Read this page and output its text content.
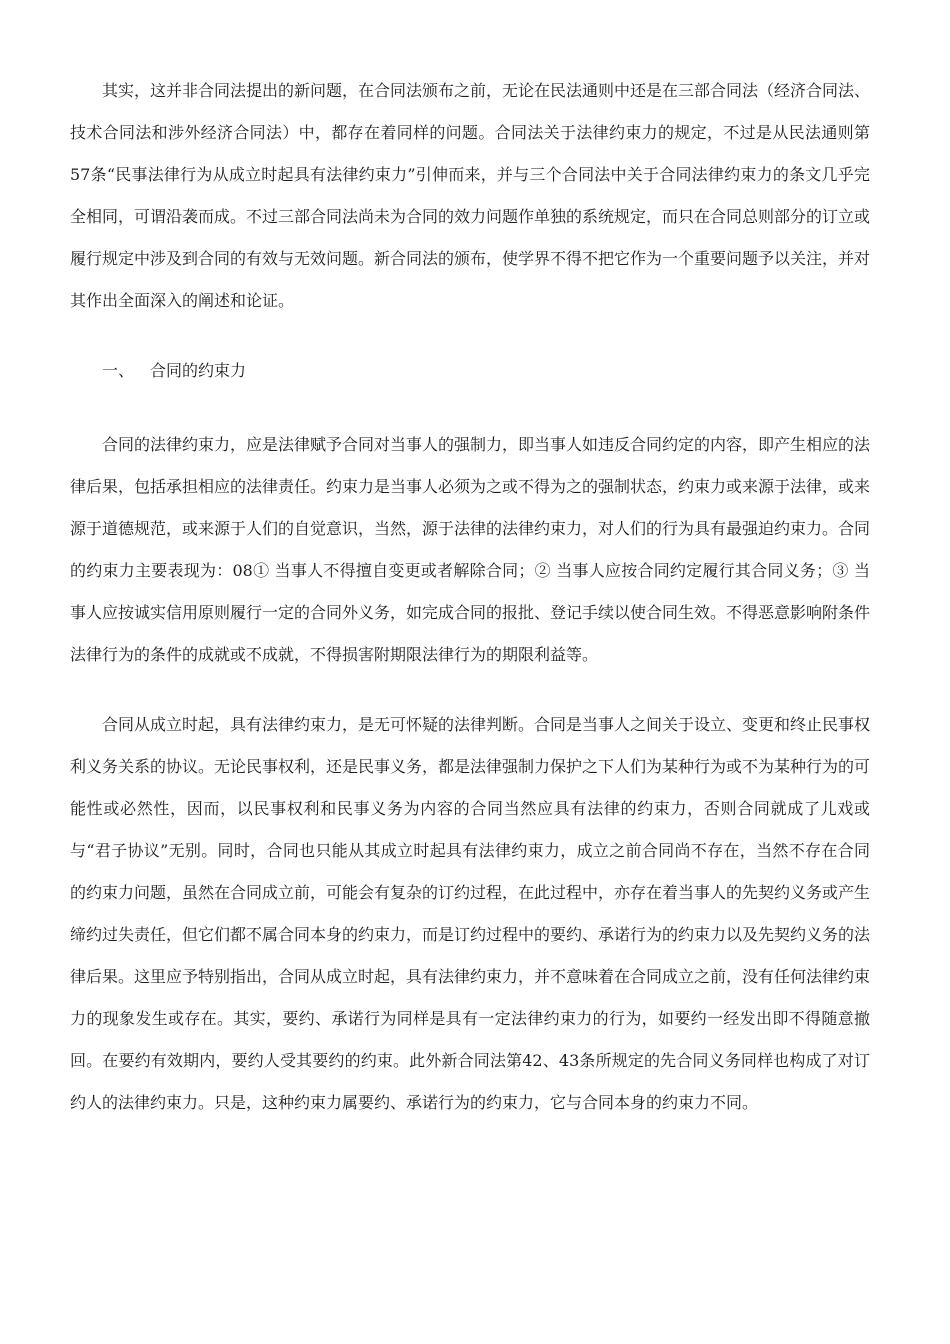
其实，这并非合同法提出的新问题，在合同法颁布之前，无论在民法通则中还是在三部合同法（经济合同法、技术合同法和涉外经济合同法）中，都存在着同样的问题。合同法关于法律约束力的规定，不过是从民法通则第57条“民事法律行为从成立时起具有法律约束力”引伸而来，并与三个合同法中关于合同法律约束力的条文几乎完全相同，可谓沿袭而成。不过三部合同法尚未为合同的效力问题作单独的系统规定，而只在合同总则部分的订立或履行规定中涉及到合同的有效与无效问题。新合同法的颁布，使学界不得不把它作为一个重要问题予以关注，并对其作出全面深入的阐述和论证。

一、 合同的约束力

合同的法律约束力，应是法律赋予合同对当事人的强制力，即当事人如违反合同约定的内容，即产生相应的法律后果，包括承担相应的法律责任。约束力是当事人必须为之或不得为之的强制状态，约束力或来源于法律，或来源于道德规范，或来源于人们的自觉意识，当然，源于法律的法律约束力，对人们的行为具有最强迫约束力。合同的约束力主要表现为：08① 当事人不得擅自变更或者解除合同；② 当事人应按合同约定履行其合同义务；③ 当事人应按诚实信用原则履行一定的合同外义务，如完成合同的报批、登记手续以使合同生效。不得恶意影响附条件法律行为的条件的成就或不成就，不得损害附期限法律行为的期限利益等。

合同从成立时起，具有法律约束力，是无可怀疑的法律判断。合同是当事人之间关于设立、变更和终止民事权利义务关系的协议。无论民事权利，还是民事义务，都是法律强制力保护之下人们为某种行为或不为某种行为的可能性或必然性，因而，以民事权利和民事义务为内容的合同当然应具有法律的约束力，否则合同就成了儿戏或与“君子协议”无别。同时，合同也只能从其成立时起具有法律约束力，成立之前合同尚不存在，当然不存在合同的约束力问题，虽然在合同成立前，可能会有复杂的订约过程，在此过程中，亦存在着当事人的先契约义务或产生缔约过失责任，但它们都不属合同本身的约束力，而是订约过程中的要约、承诺行为的约束力以及先契约义务的法律后果。这里应予特别指出，合同从成立时起，具有法律约束力，并不意味着在合同成立之前，没有任何法律约束力的现象发生或存在。其实，要约、承诺行为同样是具有一定法律约束力的行为，如要约一经发出即不得随意撤回。在要约有效期内，要约人受其要约的约束。此外新合同法第42、43条所规定的先合同义务同样也构成了对订约人的法律约束力。只是，这种约束力属要约、承诺行为的约束力，它与合同本身的约束力不同。
